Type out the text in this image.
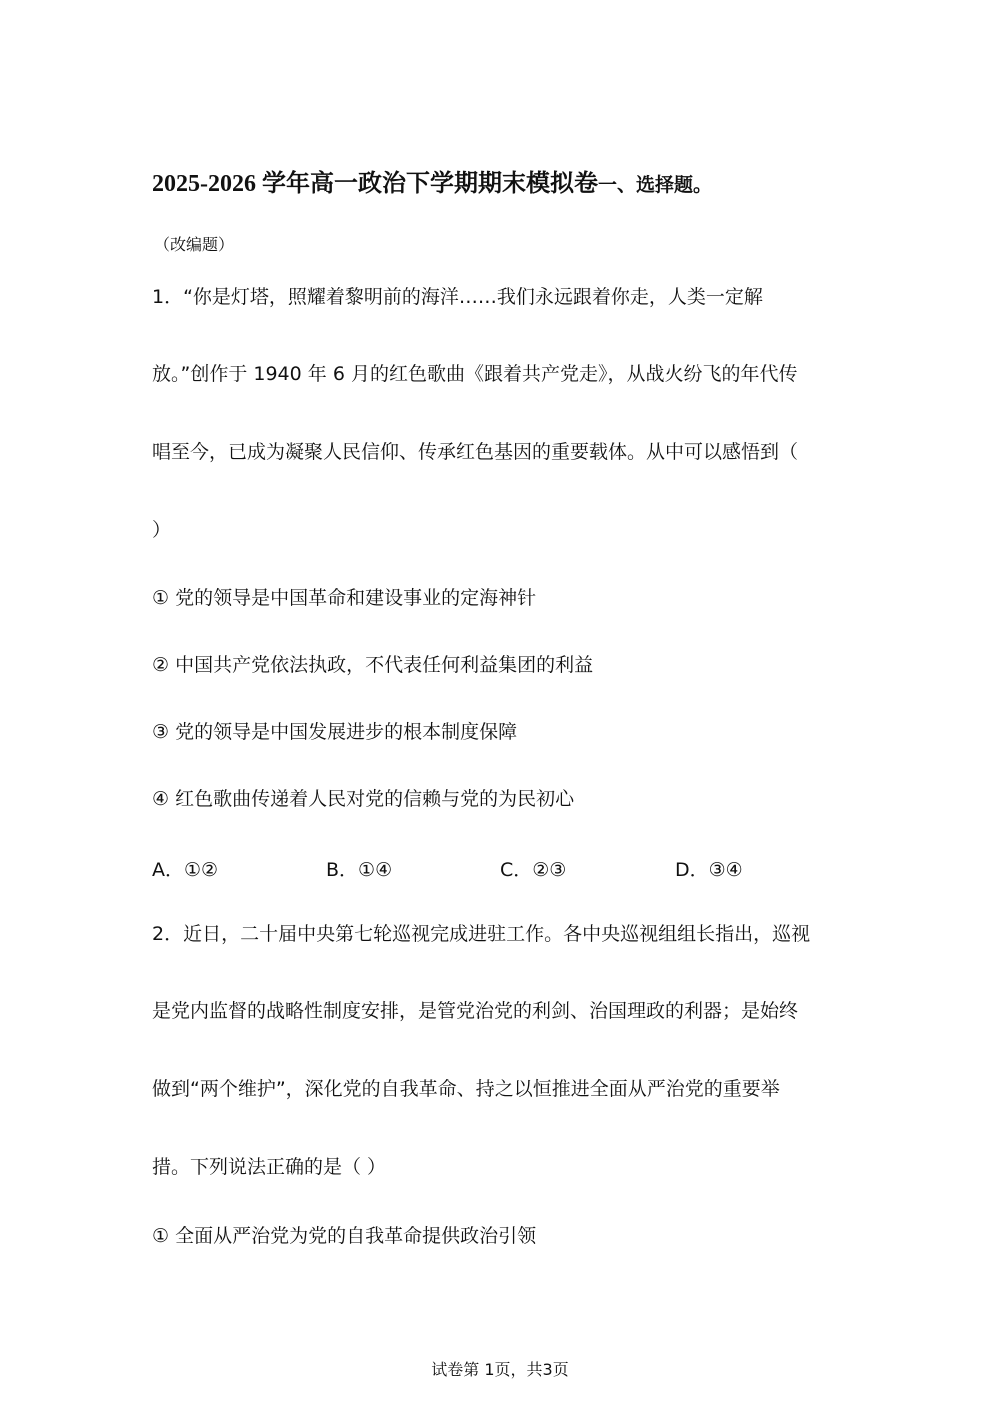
2025-2026 学年高一政治下学期期末模拟卷一、选择题。
（改编题）
1．“你是灯塔，照耀着黎明前的海洋……我们永远跟着你走，人类一定解
放。”创作于 1940 年 6 月的红色歌曲《跟着共产党走》，从战火纷飞的年代传
唱至今，已成为凝聚人民信仰、传承红色基因的重要载体。从中可以感悟到（
）
① 党的领导是中国革命和建设事业的定海神针
② 中国共产党依法执政，不代表任何利益集团的利益
③ 党的领导是中国发展进步的根本制度保障
④ 红色歌曲传递着人民对党的信赖与党的为民初心
A．①②	B．①④	C．②③	D．③④
2．近日，二十届中央第七轮巡视完成进驻工作。各中央巡视组组长指出，巡视
是党内监督的战略性制度安排，是管党治党的利剑、治国理政的利器；是始终
做到“两个维护”，深化党的自我革命、持之以恒推进全面从严治党的重要举
措。下列说法正确的是（ ）
① 全面从严治党为党的自我革命提供政治引领
试卷第 1页，共3页
